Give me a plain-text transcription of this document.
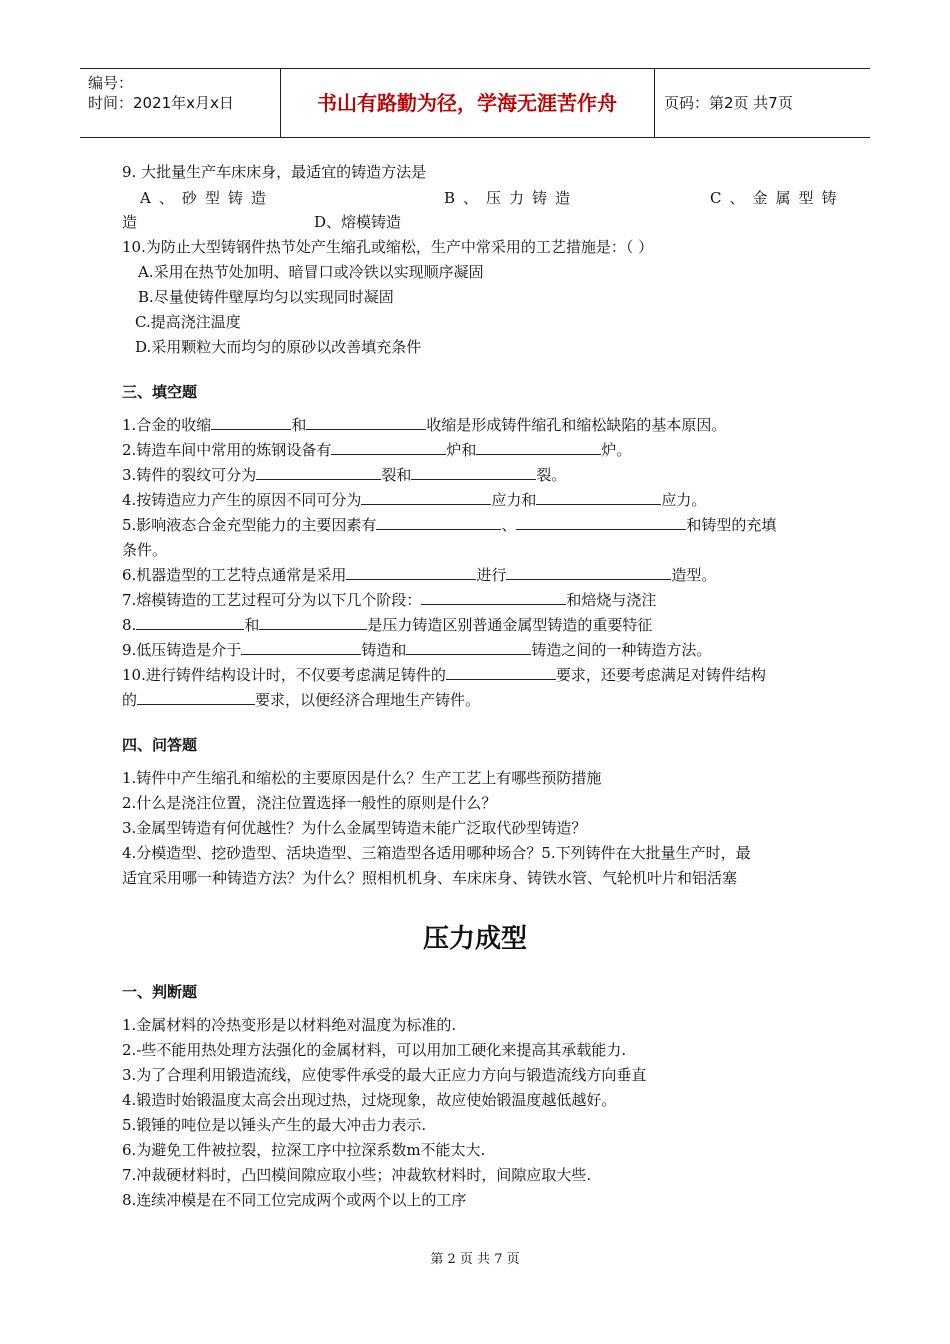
编号：
时间：2021年x月x日	书山有路勤为径，学海无涯苦作舟	页码：第2页 共7页
9. 大批量生产车床床身，最适宜的铸造方法是
A、砂型铸造	B、压力铸造	C、金属型铸
造	D、熔模铸造
10.为防止大型铸钢件热节处产生缩孔或缩松，生产中常采用的工艺措施是：（ ）
A.采用在热节处加明、暗冒口或冷铁以实现顺序凝固
B.尽量使铸件壁厚均匀以实现同时凝固
C.提高浇注温度
D.采用颗粒大而均匀的原砂以改善填充条件
三、填空题
1.合金的收缩	和	收缩是形成铸件缩孔和缩松缺陷的基本原因。
2.铸造车间中常用的炼钢设备有	炉和	炉。
3.铸件的裂纹可分为	裂和	裂。
4.按铸造应力产生的原因不同可分为	应力和	应力。
5.影响液态合金充型能力的主要因素有	、	和铸型的充填
条件。
6.机器造型的工艺特点通常是采用	进行	造型。
7.熔模铸造的工艺过程可分为以下几个阶段：	和焙烧与浇注
8.	和	是压力铸造区别普通金属型铸造的重要特征
9.低压铸造是介于	铸造和	铸造之间的一种铸造方法。
10.进行铸件结构设计时，不仅要考虑满足铸件的	要求，还要考虑满足对铸件结构
的	要求，以便经济合理地生产铸件。
四、问答题
1.铸件中产生缩孔和缩松的主要原因是什么？生产工艺上有哪些预防措施
2.什么是浇注位置，浇注位置选择一般性的原则是什么？
3.金属型铸造有何优越性？为什么金属型铸造未能广泛取代砂型铸造？
4.分模造型、挖砂造型、活块造型、三箱造型各适用哪种场合？5.下列铸件在大批量生产时，最
适宜采用哪一种铸造方法？为什么？照相机机身、车床床身、铸铁水管、气轮机叶片和铝活塞
压力成型
一、判断题
1.金属材料的冷热变形是以材料绝对温度为标准的.
2.-些不能用热处理方法强化的金属材料，可以用加工硬化来提高其承载能力.
3.为了合理利用锻造流线，应使零件承受的最大正应力方向与锻造流线方向垂直
4.锻造时始锻温度太高会出现过热，过烧现象，故应使始锻温度越低越好。
5.锻锤的吨位是以锤头产生的最大冲击力表示.
6.为避免工件被拉裂，拉深工序中拉深系数m不能太大.
7.冲裁硬材料时，凸凹模间隙应取小些；冲裁软材料时，间隙应取大些.
8.连续冲模是在不同工位完成两个或两个以上的工序
第 2 页 共 7 页
